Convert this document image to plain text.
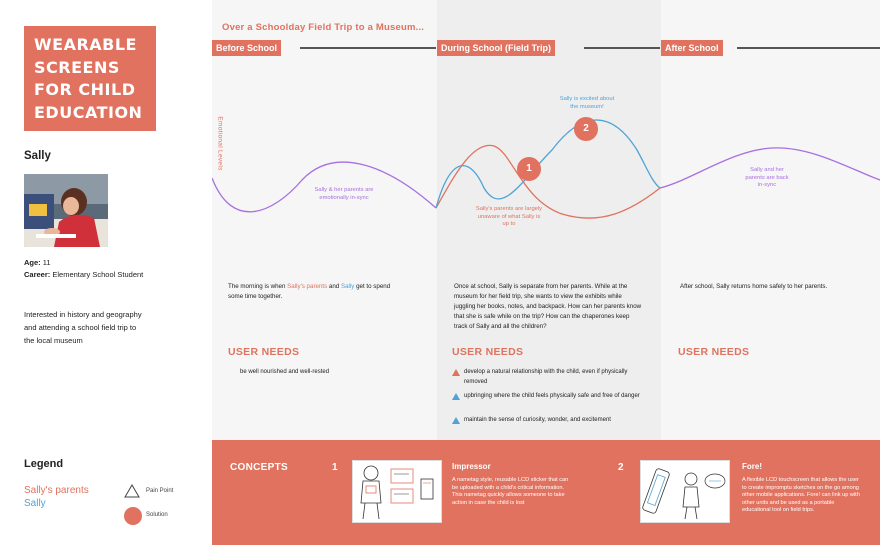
WEARABLE
SCREENS
FOR CHILD
EDUCATION
Sally
Age: 11
Career: Elementary School Student
Interested in history and geography and attending a school field trip to the local museum
Legend
Sally's parents
Sally
Pain Point
Solution
Over a Schoolday Field Trip to a Museum...
Before School	During School (Field Trip)	After School
Emotional Levels
Sally & her parents are emotionally in-sync
Sally is excited about the museum!
Sally's parents are largely unaware of what Sally is up to
Sally and her parents are back in-sync
1
2
The morning is when Sally's parents and Sally get to spend some time together.
Once at school, Sally is separate from her parents. While at the museum for her field trip, she wants to view the exhibits while juggling her books, notes, and backpack. How can her parents know that she is safe while on the trip? How can the chaperones keep track of Sally and all the children?
After school, Sally returns home safely to her parents.
USER NEEDS	USER NEEDS	USER NEEDS
be well nourished and well-rested	develop a natural relationship with the child, even if physically removed
upbringing where the child feels physically safe and free of danger
maintain the sense of curiosity, wonder, and excitement
CONCEPTS	1	Impressor
A nametag style, reusable LCD sticker that can be uploaded with a child's critical information. This nametag quickly allows someone to take action in case the child is lost
2	Fore!
A flexible LCD touchscreen that allows the user to create impromptu sketches on the go among other mobile applications. Fore! can link up with other units and be used as a portable educational tool on field trips.
